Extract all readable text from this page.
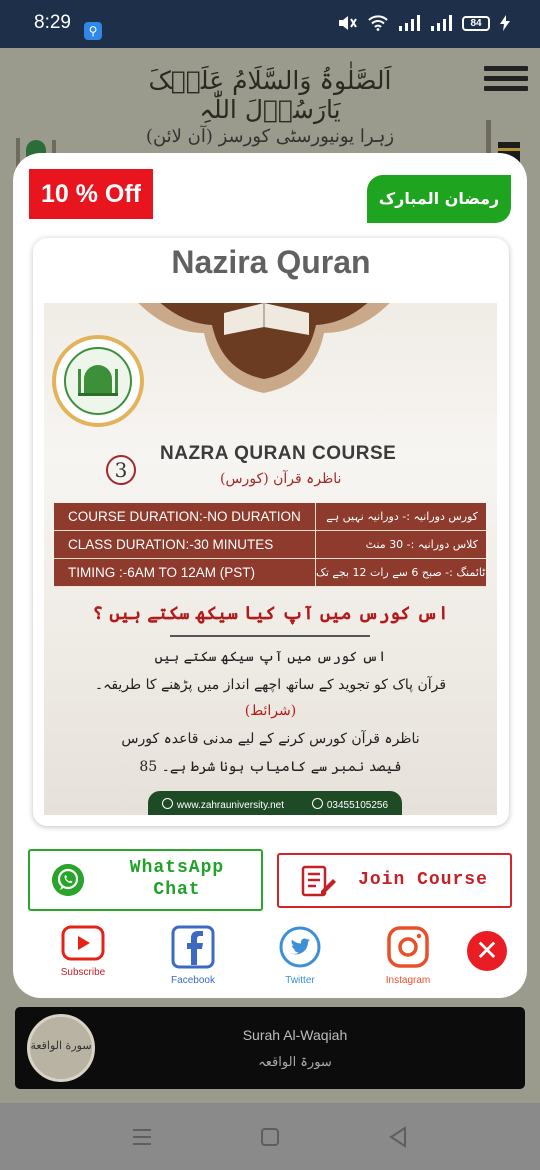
8:29	⚲
84
اَلصَّلٰوۃُ وَالسَّلَامُ عَلَیۡکَ یَارَسُوۡلَ اللّٰہِ
زہرا یونیورسٹی کورسز (آن لائن)
10 % Off	رمضان المبارک
Nazira Quran
3
NAZRA QURAN COURSE
ناظرہ قرآن (کورس)
COURSE DURATION:-NO DURATION	کورس دورانیہ :- دورانیہ نہیں ہے
CLASS DURATION:-30 MINUTES	کلاس دورانیہ :- 30 منٹ
TIMING :-6AM TO 12AM (PST)	ٹائمنگ :- صبح 6 سے رات 12 بجے تک
اس کورس میں آپ کیا سیکھ سکتے ہیں ؟
اس کورس میں آپ سیکھ سکتے ہیں
قرآن پاک کو تجوید کے ساتھ اچھے انداز میں پڑھنے کا طریقہ۔
(شرائط)
ناظرہ قرآن کورس کرنے کے لیے مدنی قاعدہ کورس
85 فیصد نمبر سے کامیاب ہونا شرط ہے۔
www.zahrauniversity.net	03455105256
WhatsApp
Chat	Join Course
Subscribe
Facebook	Twitter	Instagram
✕
سورة الواقعة
Surah Al-Waqiah
سورۃ الواقعہ
